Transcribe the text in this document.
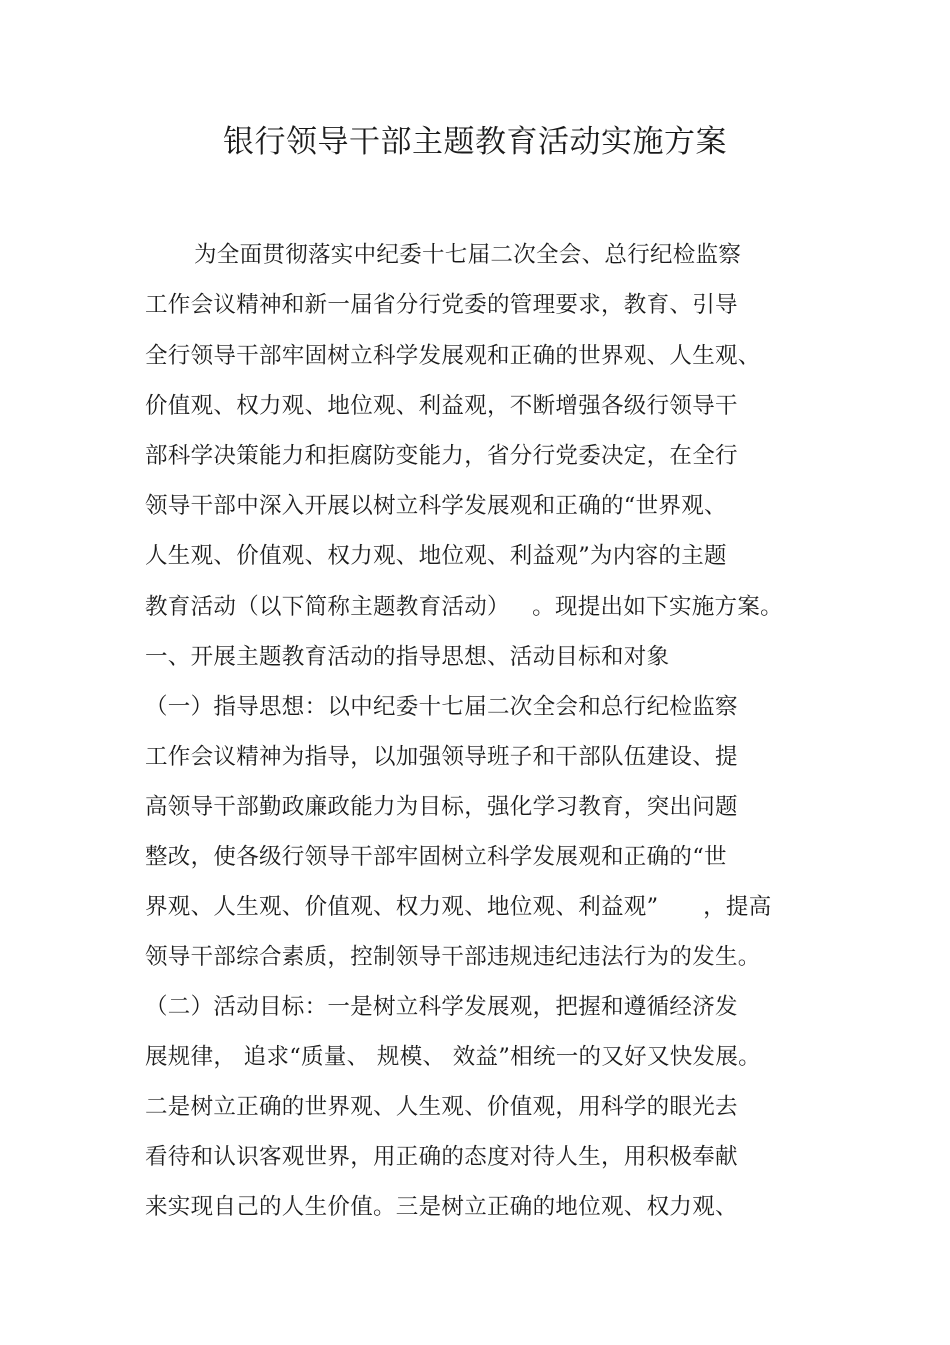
银行领导干部主题教育活动实施方案
为全面贯彻落实中纪委十七届二次全会、总行纪检监察
工作会议精神和新一届省分行党委的管理要求，教育、引导
全行领导干部牢固树立科学发展观和正确的世界观、人生观、
价值观、权力观、地位观、利益观，不断增强各级行领导干
部科学决策能力和拒腐防变能力，省分行党委决定，在全行
领导干部中深入开展以树立科学发展观和正确的“世界观、
人生观、价值观、权力观、地位观、利益观”为内容的主题
教育活动（以下简称主题教育活动）   。现提出如下实施方案。
一、开展主题教育活动的指导思想、活动目标和对象
（一）指导思想：以中纪委十七届二次全会和总行纪检监察
工作会议精神为指导，以加强领导班子和干部队伍建设、提
高领导干部勤政廉政能力为目标，强化学习教育，突出问题
整改，使各级行领导干部牢固树立科学发展观和正确的“世
界观、人生观、价值观、权力观、地位观、利益观”      ，提高
领导干部综合素质，控制领导干部违规违纪违法行为的发生。
（二）活动目标：一是树立科学发展观，把握和遵循经济发
展规律， 追求“质量、 规模、 效益”相统一的又好又快发展。
二是树立正确的世界观、人生观、价值观，用科学的眼光去
看待和认识客观世界，用正确的态度对待人生，用积极奉献
来实现自己的人生价值。三是树立正确的地位观、权力观、
